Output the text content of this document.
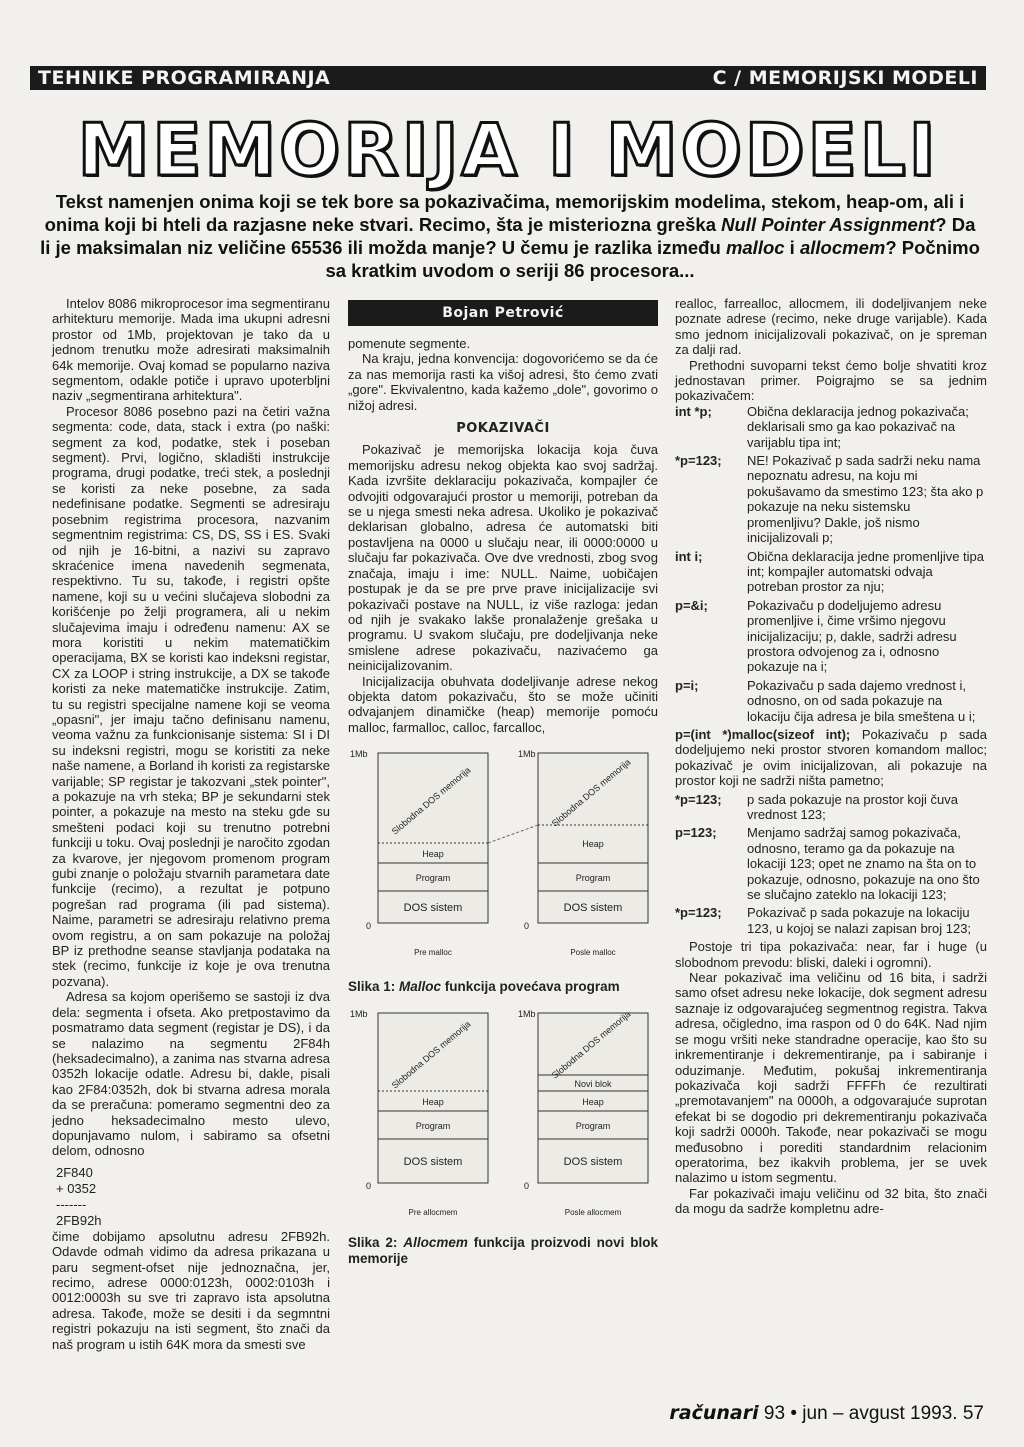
TEHNIKE PROGRAMIRANJA	C / MEMORIJSKI MODELI
MEMORIJA I MODELI
Tekst namenjen onima koji se tek bore sa pokazivačima, memorijskim modelima, stekom, heap-om, ali i onima koji bi hteli da razjasne neke stvari. Recimo, šta je misteriozna greška Null Pointer Assignment? Da li je maksimalan niz veličine 65536 ili možda manje? U čemu je razlika između malloc i allocmem? Počnimo sa kratkim uvodom o seriji 86 procesora...

Intelov 8086 mikroprocesor ima segmentiranu arhitekturu memorije. Mada ima ukupni adresni prostor od 1Mb, projektovan je tako da u jednom trenutku može adresirati maksimalnih 64k memorije. Ovaj komad se popularno naziva segmentom, odakle potiče i upravo upoterbljni naziv „segmentirana arhitektura".

Procesor 8086 posebno pazi na četiri važna segmenta: code, data, stack i extra (po naški: segment za kod, podatke, stek i poseban segment). Prvi, logično, skladišti instrukcije programa, drugi podatke, treći stek, a poslednji se koristi za neke posebne, za sada nedefinisane podatke. Segmenti se adresiraju posebnim registrima procesora, nazvanim segmentnim registrima: CS, DS, SS i ES. Svaki od njih je 16-bitni, a nazivi su zapravo skraćenice imena navedenih segmenata, respektivno. Tu su, takođe, i registri opšte namene, koji su u većini slučajeva slobodni za korišćenje po želji programera, ali u nekim slučajevima imaju i određenu namenu: AX se mora koristiti u nekim matematičkim operacijama, BX se koristi kao indeksni registar, CX za LOOP i string instrukcije, a DX se takođe koristi za neke matematičke instrukcije. Zatim, tu su registri specijalne namene koji se veoma „opasni", jer imaju tačno definisanu namenu, veoma važnu za funkcionisanje sistema: SI i DI su indeksni registri, mogu se koristiti za neke naše namene, a Borland ih koristi za registarske varijable; SP registar je takozvani „stek pointer", a pokazuje na vrh steka; BP je sekundarni stek pointer, a pokazuje na mesto na steku gde su smešteni podaci koji su trenutno potrebni funkciji u toku. Ovaj poslednji je naročito zgodan za kvarove, jer njegovom promenom program gubi znanje o položaju stvarnih parametara date funkcije (recimo), a rezultat je potpuno pogrešan rad programa (ili pad sistema). Naime, parametri se adresiraju relativno prema ovom registru, a on sam pokazuje na položaj BP iz prethodne seanse stavljanja podataka na stek (recimo, funkcije iz koje je ova trenutna pozvana).

Adresa sa kojom operišemo se sastoji iz dva dela: segmenta i ofseta. Ako pretpostavimo da posmatramo data segment (registar je DS), i da se nalazimo na segmentu 2F84h (heksadecimalno), a zanima nas stvarna adresa 0352h lokacije odatle. Adresu bi, dakle, pisali kao 2F84:0352h, dok bi stvarna adresa morala da se preračuna: pomeramo segmentni deo za jedno heksadecimalno mesto ulevo, dopunjavamo nulom, i sabiramo sa ofsetni delom, odnosno

2F840
+ 0352
-------
2FB92h

čime dobijamo apsolutnu adresu 2FB92h. Odavde odmah vidimo da adresa prikazana u paru segment-ofset nije jednoznačna, jer, recimo, adrese 0000:0123h, 0002:0103h i 0012:0003h su sve tri zapravo ista apsolutna adresa. Takođe, može se desiti i da segmntni registri pokazuju na isti segment, što znači da naš program u istih 64K mora da smesti sve

Bojan Petrović

pomenute segmente.

Na kraju, jedna konvencija: dogovorićemo se da će za nas memorija rasti ka višoj adresi, što ćemo zvati „gore". Ekvivalentno, kada kažemo „dole", govorimo o nižoj adresi.

POKAZIVAČI

Pokazivač je memorijska lokacija koja čuva memorijsku adresu nekog objekta kao svoj sadržaj. Kada izvršite deklaraciju pokazivača, kompajler će odvojiti odgovarajući prostor u memoriji, potreban da se u njega smesti neka adresa. Ukoliko je pokazivač deklarisan globalno, adresa će automatski biti postavljena na 0000 u slučaju near, ili 0000:0000 u slučaju far pokazivača. Ove dve vrednosti, zbog svog značaja, imaju i ime: NULL. Naime, uobičajen postupak je da se pre prve prave inicijalizacije svi pokazivači postave na NULL, iz više razloga: jedan od njih je svakako lakše pronalaženje grešaka u programu. U svakom slučaju, pre dodeljivanja neke smislene adrese pokazivaču, nazivaćemo ga neinicijalizovanim.

Inicijalizacija obuhvata dodeljivanje adrese nekog objekta datom pokazivaču, što se može učiniti odvajanjem dinamičke (heap) memorije pomoću malloc, farmalloc, calloc, farcalloc,

1Mb	1Mb
0	0
Slobodna DOS memorija	Slobodna DOS memorija
Heap
Heap
Program	Program
DOS sistem	DOS sistem
Pre malloc	Posle malloc
Slika 1: Malloc funkcija povećava program
1Mb	1Mb
0	0
Slobodna DOS memorija	Slobodna DOS memorija
Novi blok
Heap	Heap
Program	Program
DOS sistem	DOS sistem
Pre allocmem	Posle allocmem
Slika 2: Allocmem funkcija proizvodi novi blok memorije

realloc, farrealloc, allocmem, ili dodeljivanjem neke poznate adrese (recimo, neke druge varijable). Kada smo jednom inicijalizovali pokazivač, on je spreman za dalji rad.

Prethodni suvoparni tekst ćemo bolje shvatiti kroz jednostavan primer. Poigrajmo se sa jednim pokazivačem:

int *p;	Obična deklaracija jednog pokazivača; deklarisali smo ga kao pokazivač na varijablu tipa int;
*p=123;	NE! Pokazivač p sada sadrži neku nama nepoznatu adresu, na koju mi pokušavamo da smestimo 123; šta ako p pokazuje na neku sistemsku promenljivu? Dakle, još nismo inicijalizovali p;
int i;	Obična deklaracija jedne promenljive tipa int; kompajler automatski odvaja potreban prostor za nju;
p=&i;	Pokazivaču p dodeljujemo adresu promenljive i, čime vršimo njegovu inicijalizaciju; p, dakle, sadrži adresu prostora odvojenog za i, odnosno pokazuje na i;
p=i;	Pokazivaču p sada dajemo vrednost i, odnosno, on od sada pokazuje na lokaciju čija adresa je bila smeštena u i;
p=(int *)malloc(sizeof int); Pokazivaču p sada dodeljujemo neki prostor stvoren komandom malloc; pokazivač je ovim inicijalizovan, ali pokazuje na prostor koji ne sadrži ništa pametno;
*p=123;	p sada pokazuje na prostor koji čuva vrednost 123;
p=123;	Menjamo sadržaj samog pokazivača, odnosno, teramo ga da pokazuje na lokaciji 123; opet ne znamo na šta on to pokazuje, odnosno, pokazuje na ono što se slučajno zateklo na lokaciji 123;
*p=123;	Pokazivač p sada pokazuje na lokaciju 123, u kojoj se nalazi zapisan broj 123;

Postoje tri tipa pokazivača: near, far i huge (u slobodnom prevodu: bliski, daleki i ogromni).

Near pokazivač ima veličinu od 16 bita, i sadrži samo ofset adresu neke lokacije, dok segment adresu saznaje iz odgovarajućeg segmentnog registra. Takva adresa, očigledno, ima raspon od 0 do 64K. Nad njim se mogu vršiti neke standradne operacije, kao što su inkrementiranje i dekrementiranje, pa i sabiranje i oduzimanje. Međutim, pokušaj inkrementiranja pokazivača koji sadrži FFFFh će rezultirati „premotavanjem" na 0000h, a odgovarajuće suprotan efekat bi se dogodio pri dekrementiranju pokazivača koji sadrži 0000h. Takođe, near pokazivači se mogu međusobno i porediti standardnim relacionim operatorima, bez ikakvih problema, jer se uvek nalazimo u istom segmentu.

Far pokazivači imaju veličinu od 32 bita, što znači da mogu da sadrže kompletnu adre-

računari 93 • jun – avgust 1993. 57
